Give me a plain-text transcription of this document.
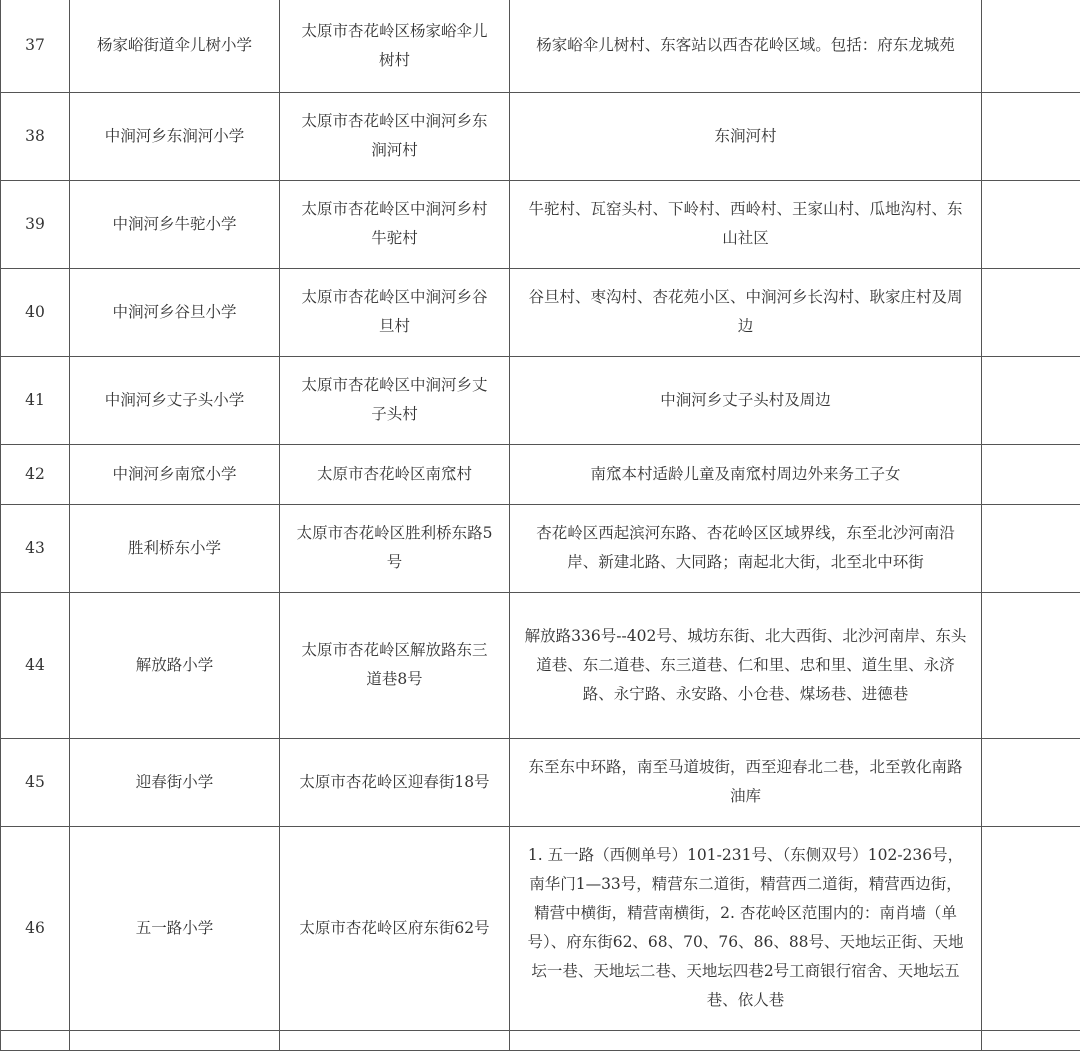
37	杨家峪街道伞儿树小学	太原市杏花岭区杨家峪伞儿树村	杨家峪伞儿树村、东客站以西杏花岭区域。包括：府东龙城苑	
38	中涧河乡东涧河小学	太原市杏花岭区中涧河乡东涧河村	东涧河村	
39	中涧河乡牛驼小学	太原市杏花岭区中涧河乡村牛驼村	牛驼村、瓦窑头村、下岭村、西岭村、王家山村、瓜地沟村、东山社区	
40	中涧河乡谷旦小学	太原市杏花岭区中涧河乡谷旦村	谷旦村、枣沟村、杏花苑小区、中涧河乡长沟村、耿家庄村及周边	
41	中涧河乡丈子头小学	太原市杏花岭区中涧河乡丈子头村	中涧河乡丈子头村及周边	
42	中涧河乡南窊小学	太原市杏花岭区南窊村	南窊本村适龄儿童及南窊村周边外来务工子女	
43	胜利桥东小学	太原市杏花岭区胜利桥东路5号	杏花岭区西起滨河东路、杏花岭区区域界线，东至北沙河南沿岸、新建北路、大同路；南起北大街，北至北中环街	
44	解放路小学	太原市杏花岭区解放路东三道巷8号	解放路336号--402号、城坊东街、北大西街、北沙河南岸、东头道巷、东二道巷、东三道巷、仁和里、忠和里、道生里、永济路、永宁路、永安路、小仓巷、煤场巷、进德巷	
45	迎春街小学	太原市杏花岭区迎春街18号	东至东中环路，南至马道坡街，西至迎春北二巷，北至敦化南路油库	
46	五一路小学	太原市杏花岭区府东街62号	1. 五一路（西侧单号）101-231号、（东侧双号）102-236号，南华门1—33号，精营东二道街，精营西二道街，精营西边街，精营中横街，精营南横街，2. 杏花岭区范围内的：南肖墙（单号）、府东街62、68、70、76、86、88号、天地坛正街、天地坛一巷、天地坛二巷、天地坛四巷2号工商银行宿舍、天地坛五巷、依人巷	
